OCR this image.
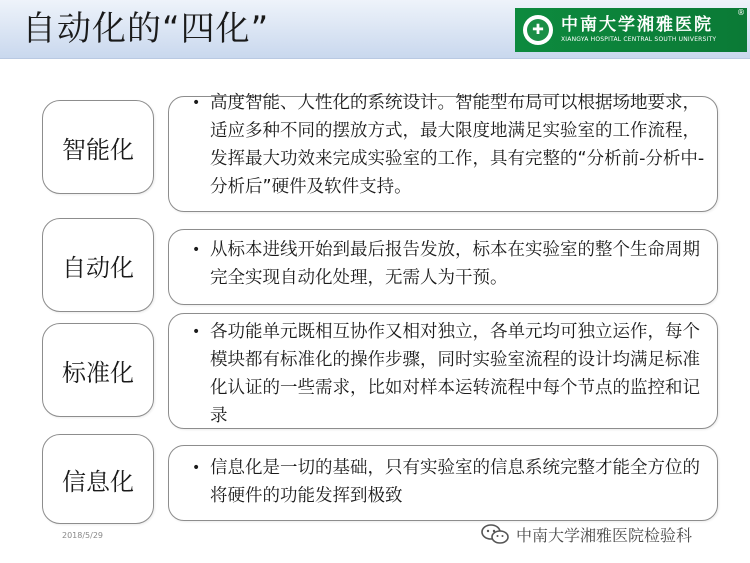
自动化的“四化”	✚	中南大学湘雅医院
XIANGYA HOSPITAL CENTRAL SOUTH UNIVERSITY
®
智能化
• 高度智能、人性化的系统设计。智能型布局可以根据场地要求，适应多种不同的摆放方式，最大限度地满足实验室的工作流程，发挥最大功效来完成实验室的工作，具有完整的“分析前-分析中-分析后”硬件及软件支持。
自动化
• 从标本进线开始到最后报告发放，标本在实验室的整个生命周期完全实现自动化处理，无需人为干预。
标准化
• 各功能单元既相互协作又相对独立，各单元均可独立运作，每个模块都有标准化的操作步骤，同时实验室流程的设计均满足标准化认证的一些需求，比如对样本运转流程中每个节点的监控和记录
信息化	• 信息化是一切的基础，只有实验室的信息系统完整才能全方位的将硬件的功能发挥到极致
2018/5/29	中南大学湘雅医院检验科
